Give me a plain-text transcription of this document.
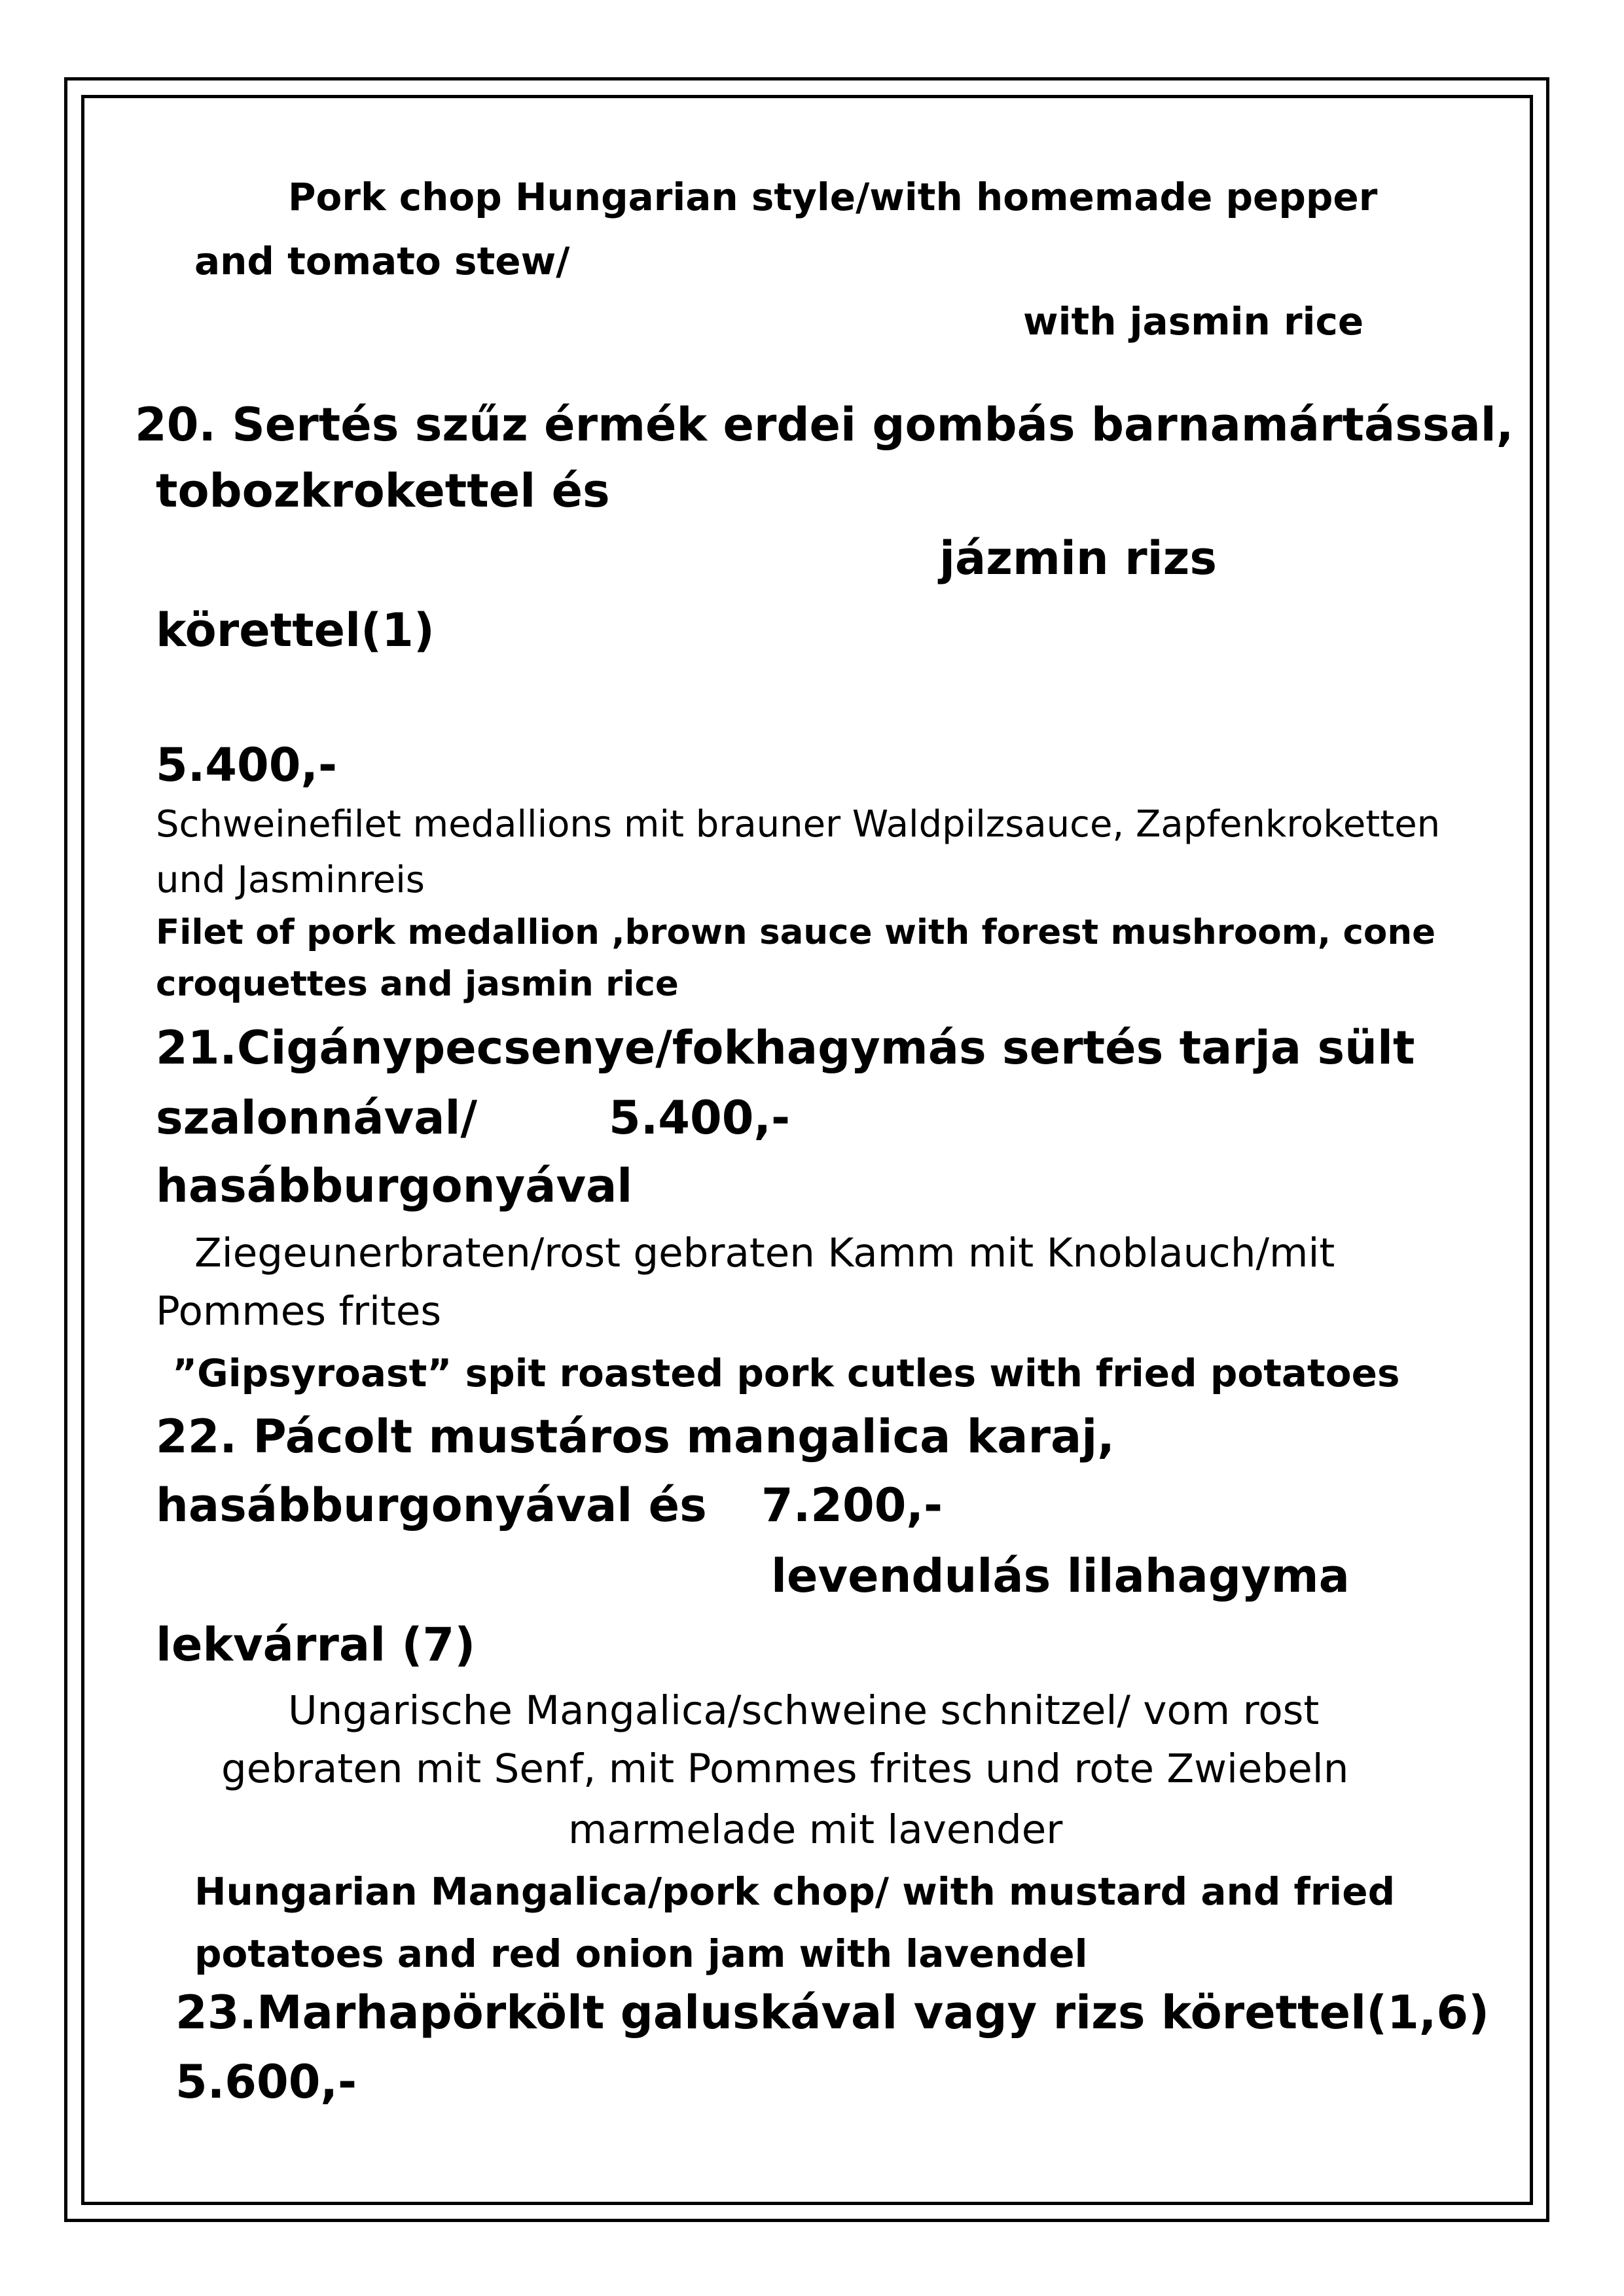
Pork chop Hungarian style/with homemade pepper
and tomato stew/
with jasmin rice
20. Sertés szűz érmék erdei gombás barnamártással,
tobozkrokettel és
jázmin rizs
körettel(1)
5.400,-
Schweinefilet medallions mit brauner Waldpilzsauce, Zapfenkroketten
und Jasminreis
Filet of pork medallion ,brown sauce with forest mushroom, cone
croquettes and jasmin rice
21.Cigánypecsenye/fokhagymás sertés tarja sült
szalonnával/	5.400,-
hasábburgonyával
Ziegeunerbraten/rost gebraten Kamm mit Knoblauch/mit
Pommes frites
”Gipsyroast” spit roasted pork cutles with fried potatoes
22. Pácolt mustáros mangalica karaj,
hasábburgonyával és 7.200,-
levendulás lilahagyma
lekvárral (7)
Ungarische Mangalica/schweine schnitzel/ vom rost
gebraten mit Senf, mit Pommes frites und rote Zwiebeln
marmelade mit lavender
Hungarian Mangalica/pork chop/ with mustard and fried
potatoes and red onion jam with lavendel
23.Marhapörkölt galuskával vagy rizs körettel(1,6)
5.600,-
